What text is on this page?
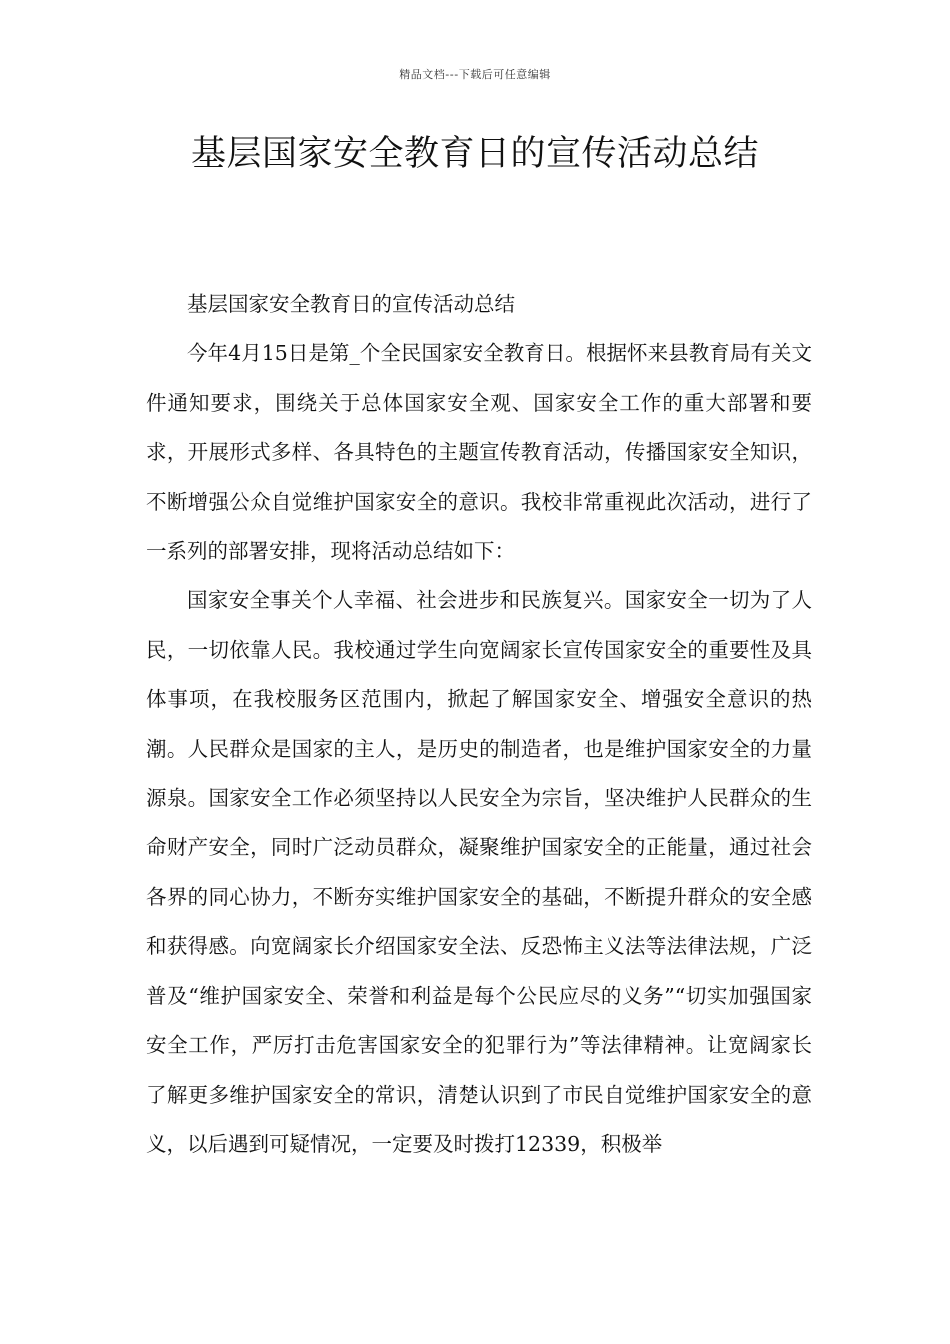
精品文档---下载后可任意编辑
基层国家安全教育日的宣传活动总结

基层国家安全教育日的宣传活动总结

今年4月15日是第_个全民国家安全教育日。根据怀来县教育局有关文件通知要求，围绕关于总体国家安全观、国家安全工作的重大部署和要求，开展形式多样、各具特色的主题宣传教育活动，传播国家安全知识，不断增强公众自觉维护国家安全的意识。我校非常重视此次活动，进行了一系列的部署安排，现将活动总结如下：

国家安全事关个人幸福、社会进步和民族复兴。国家安全一切为了人民，一切依靠人民。我校通过学生向宽阔家长宣传国家安全的重要性及具体事项，在我校服务区范围内，掀起了解国家安全、增强安全意识的热潮。人民群众是国家的主人，是历史的制造者，也是维护国家安全的力量源泉。国家安全工作必须坚持以人民安全为宗旨，坚决维护人民群众的生命财产安全，同时广泛动员群众，凝聚维护国家安全的正能量，通过社会各界的同心协力，不断夯实维护国家安全的基础，不断提升群众的安全感和获得感。向宽阔家长介绍国家安全法、反恐怖主义法等法律法规，广泛普及“维护国家安全、荣誉和利益是每个公民应尽的义务”“切实加强国家安全工作，严厉打击危害国家安全的犯罪行为”等法律精神。让宽阔家长了解更多维护国家安全的常识，清楚认识到了市民自觉维护国家安全的意义，以后遇到可疑情况，一定要及时拨打12339，积极举
